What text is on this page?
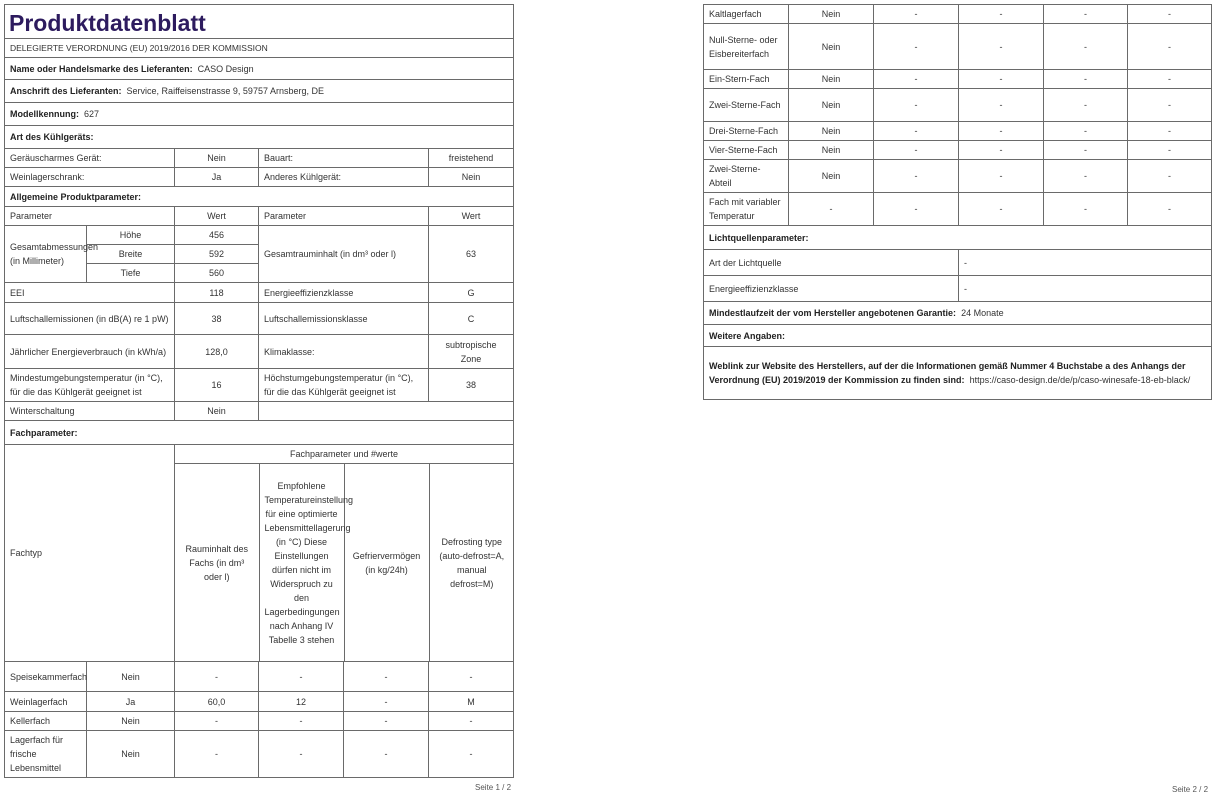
Produktdatenblatt
DELEGIERTE VERORDNUNG (EU) 2019/2016 DER KOMMISSION
Name oder Handelsmarke des Lieferanten: CASO Design
Anschrift des Lieferanten: Service, Raiffeisenstrasse 9, 59757 Arnsberg, DE
Modellkennung: 627
Art des Kühlgeräts:
Geräuscharmes Gerät:	Nein	Bauart:	freistehend
Weinlagerschrank:	Ja	Anderes Kühlgerät:	Nein
Allgemeine Produktparameter:
Parameter	Wert	Parameter	Wert
Gesamtabmessungen (in Millimeter)	Höhe	456	Gesamtrauminhalt (in dm³ oder l)	63
Breite	592
Tiefe	560
EEI	118	Energieeffizienzklasse	G
Luftschallemissionen (in dB(A) re 1 pW)	38	Luftschallemissionsklasse	C
Jährlicher Energieverbrauch (in kWh/a)	128,0	Klimaklasse:	subtropische Zone
Mindestumgebungstemperatur (in °C), für die das Kühlgerät geeignet ist	16	Höchstumgebungstemperatur (in °C), für die das Kühlgerät geeignet ist	38
Winterschaltung	Nein	
Fachparameter:
Fachtyp	Fachparameter und #werte

Rauminhalt des Fachs (in dm³ oder l)	Empfohlene Temperatureinstellung für eine optimierte Lebensmittellagerung (in °C) Diese Einstellungen dürfen nicht im Widerspruch zu den Lagerbedingungen nach Anhang IV Tabelle 3 stehen	Gefriervermögen (in kg/24h)	Defrosting type (auto-defrost=A, manual defrost=M)
Speisekammerfach	Nein	-	-	-	-
Weinlagerfach	Ja	60,0	12	-	M
Kellerfach	Nein	-	-	-	-
Lagerfach für frische Lebensmittel	Nein	-	-	-	-
Seite 1 / 2
Kaltlagerfach	Nein	-	-	-	-
Null-Sterne- oder Eisbereiterfach	Nein	-	-	-	-
Ein-Stern-Fach	Nein	-	-	-	-
Zwei-Sterne-Fach	Nein	-	-	-	-
Drei-Sterne-Fach	Nein	-	-	-	-
Vier-Sterne-Fach	Nein	-	-	-	-
Zwei-Sterne-Abteil	Nein	-	-	-	-
Fach mit variabler Temperatur	-	-	-	-	-
Lichtquellenparameter:	
Art der Lichtquelle	-
Energieeffizienzklasse	-
Mindestlaufzeit der vom Hersteller angebotenen Garantie: 24 Monate	
Weitere Angaben:	
Weblink zur Website des Herstellers, auf der die Informationen gemäß Nummer 4 Buchstabe a des Anhangs der Verordnung (EU) 2019/2019 der Kommission zu finden sind: https://caso-design.de/de/p/caso-winesafe-18-eb-black/	
Seite 2 / 2
